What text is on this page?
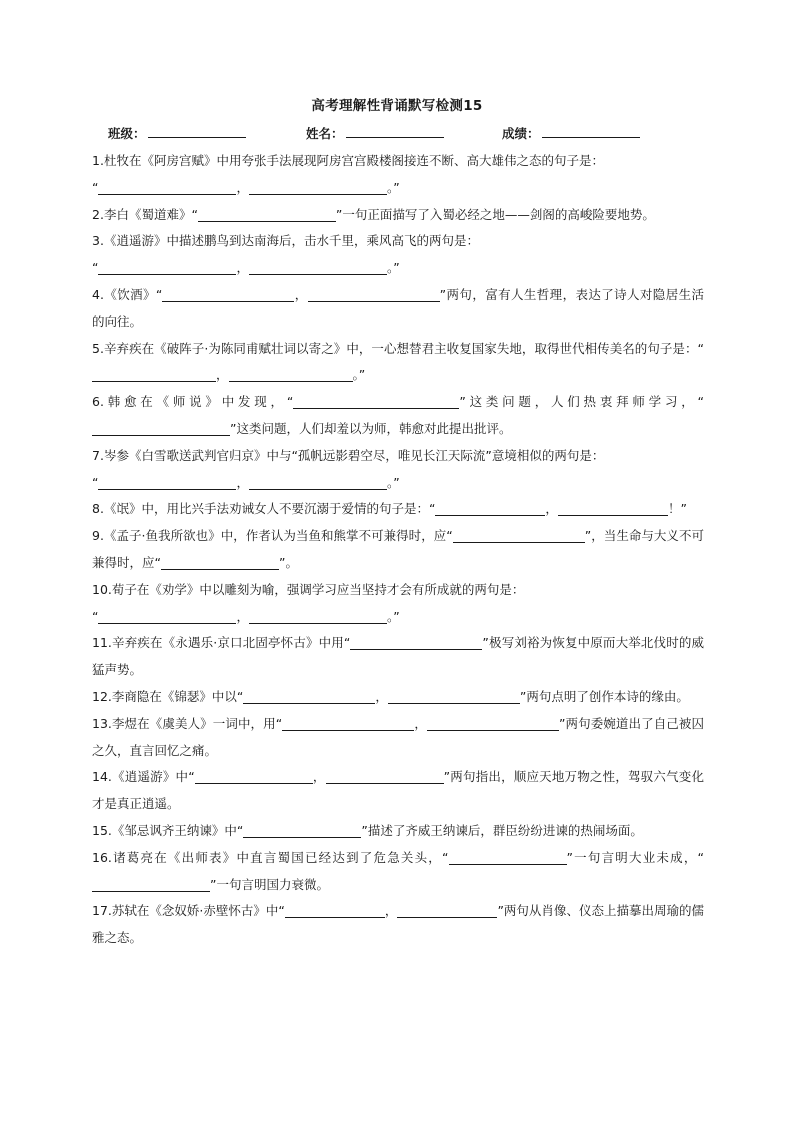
高考理解性背诵默写检测15
班级：	姓名：	成绩：

1.杜牧在《阿房宫赋》中用夸张手法展现阿房宫宫殿楼阁接连不断、高大雄伟之态的句子是：
“	，	。”

2.李白《蜀道难》“	”一句正面描写了入蜀必经之地——剑阁的高峻险要地势。

3.《逍遥游》中描述鹏鸟到达南海后，击水千里，乘风高飞的两句是：
“	，	。”

4.《饮酒》“	，	”两句，富有人生哲理，表达了诗人对隐居生活的向往。

5.辛弃疾在《破阵子·为陈同甫赋壮词以寄之》中，一心想替君主收复国家失地，取得世代相传美名的句子是：“，	。”

6.韩愈在《师说》中发现，“	”这类问题，人们热衷拜师学习，“”这类问题，人们却羞以为师，韩愈对此提出批评。

7.岑参《白雪歌送武判官归京》中与“孤帆远影碧空尽，唯见长江天际流”意境相似的两句是：
“	，	。”

8.《氓》中，用比兴手法劝诫女人不要沉溺于爱情的句子是：“	，	！”

9.《孟子·鱼我所欲也》中，作者认为当鱼和熊掌不可兼得时，应“	”，当生命与大义不可兼得时，应“	”。

10.荀子在《劝学》中以雕刻为喻，强调学习应当坚持才会有所成就的两句是：
“	，	。”

11.辛弃疾在《永遇乐·京口北固亭怀古》中用“	”极写刘裕为恢复中原而大举北伐时的威猛声势。

12.李商隐在《锦瑟》中以“	，	”两句点明了创作本诗的缘由。

13.李煜在《虞美人》一词中，用“	，	”两句委婉道出了自己被囚之久，直言回忆之痛。

14.《逍遥游》中“	，	”两句指出，顺应天地万物之性，驾驭六气变化才是真正逍遥。

15.《邹忌讽齐王纳谏》中“	”描述了齐威王纳谏后，群臣纷纷进谏的热闹场面。

16.诸葛亮在《出师表》中直言蜀国已经达到了危急关头，“	”一句言明大业未成，“”一句言明国力衰微。

17.苏轼在《念奴娇·赤壁怀古》中“	，	”两句从肖像、仪态上描摹出周瑜的儒雅之态。
